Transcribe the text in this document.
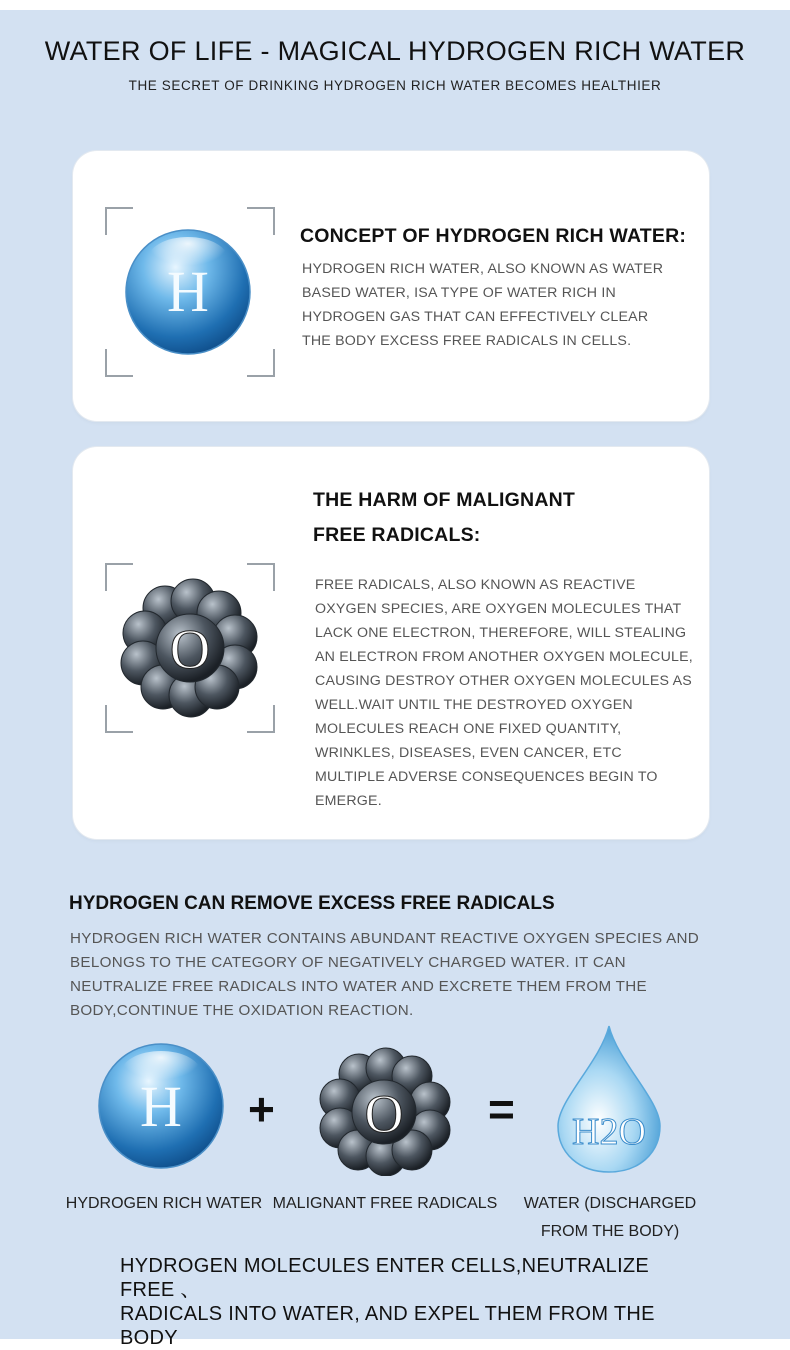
WATER OF LIFE - MAGICAL HYDROGEN RICH WATER
THE SECRET OF DRINKING HYDROGEN RICH WATER BECOMES HEALTHIER
H
CONCEPT OF HYDROGEN RICH WATER:
HYDROGEN RICH WATER, ALSO KNOWN AS WATER BASED WATER, ISA TYPE OF WATER RICH IN HYDROGEN GAS THAT CAN EFFECTIVELY CLEAR THE BODY EXCESS FREE RADICALS IN CELLS.
O
THE HARM OF MALIGNANT
FREE RADICALS:
FREE RADICALS, ALSO KNOWN AS REACTIVE OXYGEN SPECIES, ARE OXYGEN MOLECULES THAT LACK ONE ELECTRON, THEREFORE, WILL STEALING AN ELECTRON FROM ANOTHER OXYGEN MOLECULE, CAUSING DESTROY OTHER OXYGEN MOLECULES AS WELL.WAIT UNTIL THE DESTROYED OXYGEN MOLECULES REACH ONE FIXED QUANTITY, WRINKLES, DISEASES, EVEN CANCER, ETC MULTIPLE ADVERSE CONSEQUENCES BEGIN TO EMERGE.
HYDROGEN CAN REMOVE EXCESS FREE RADICALS
HYDROGEN RICH WATER CONTAINS ABUNDANT REACTIVE OXYGEN SPECIES AND BELONGS TO THE CATEGORY OF NEGATIVELY CHARGED WATER. IT CAN NEUTRALIZE FREE RADICALS INTO WATER AND EXCRETE THEM FROM THE BODY,CONTINUE THE OXIDATION REACTION.
H + O = H2O
HYDROGEN RICH WATER MALIGNANT FREE RADICALS WATER (DISCHARGED
FROM THE BODY)
HYDROGEN MOLECULES ENTER CELLS,NEUTRALIZE FREE 、
RADICALS INTO WATER, AND EXPEL THEM FROM THE BODY
